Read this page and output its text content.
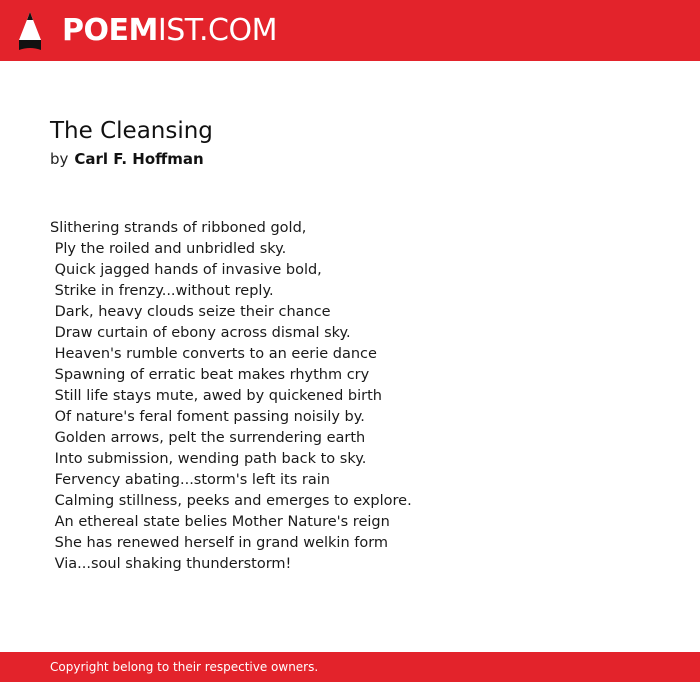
POEMIST.COM
The Cleansing
by Carl F. Hoffman
Slithering strands of ribboned gold,
Ply the roiled and unbridled sky.
Quick jagged hands of invasive bold,
Strike in frenzy...without reply.
Dark, heavy clouds seize their chance
Draw curtain of ebony across dismal sky.
Heaven's rumble converts to an eerie dance
Spawning of erratic beat makes rhythm cry
Still life stays mute, awed by quickened birth
Of nature's feral foment passing noisily by.
Golden arrows, pelt the surrendering earth
Into submission, wending path back to sky.
Fervency abating...storm's left its rain
Calming stillness, peeks and emerges to explore.
An ethereal state belies Mother Nature's reign
She has renewed herself in grand welkin form
Via...soul shaking thunderstorm!
Copyright belong to their respective owners.
